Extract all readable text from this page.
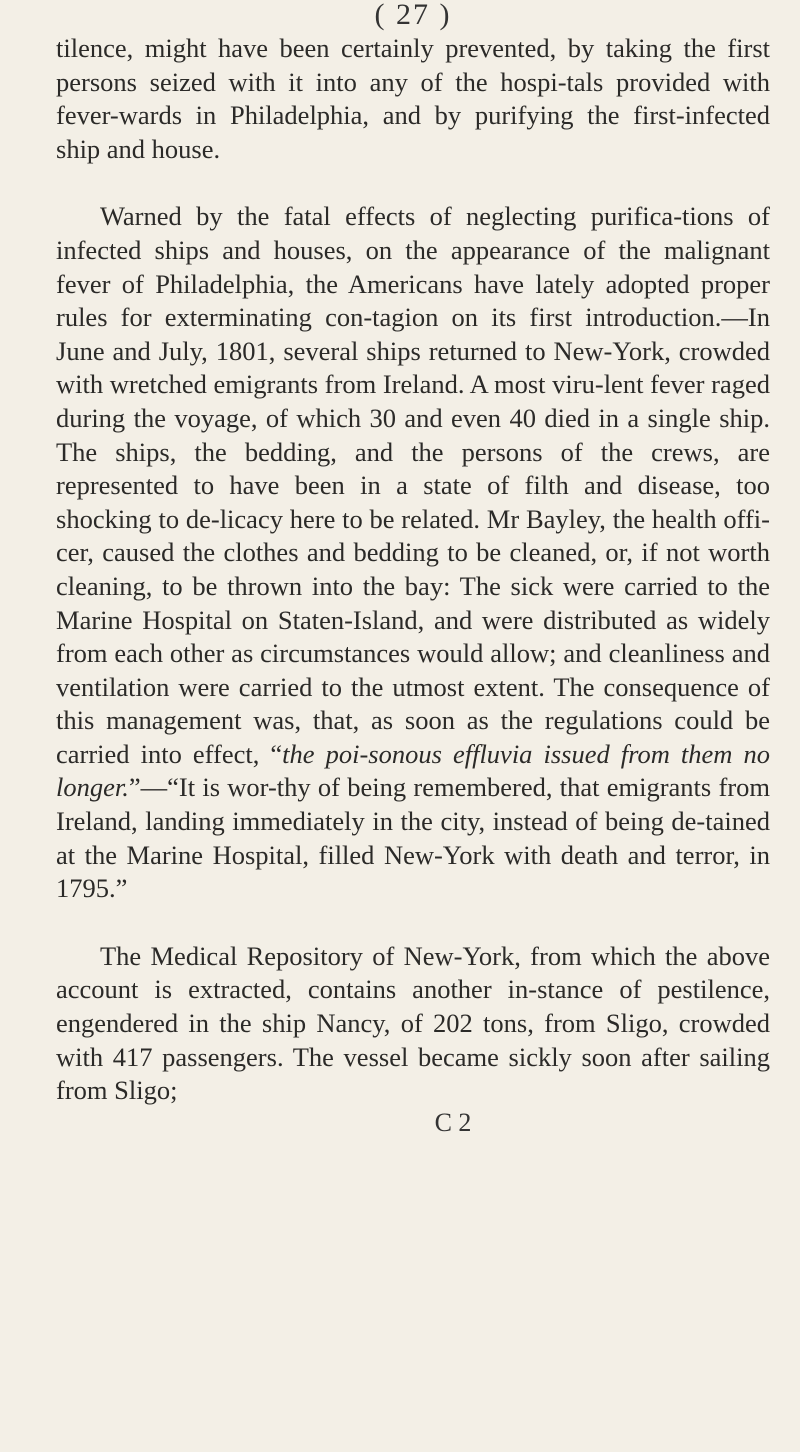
( 27 )

tilence, might have been certainly prevented, by taking the first persons seized with it into any of the hospi-tals provided with fever-wards in Philadelphia, and by purifying the first-infected ship and house.

Warned by the fatal effects of neglecting purifica-tions of infected ships and houses, on the appearance of the malignant fever of Philadelphia, the Americans have lately adopted proper rules for exterminating con-tagion on its first introduction.—In June and July, 1801, several ships returned to New-York, crowded with wretched emigrants from Ireland. A most viru-lent fever raged during the voyage, of which 30 and even 40 died in a single ship. The ships, the bedding, and the persons of the crews, are represented to have been in a state of filth and disease, too shocking to de-licacy here to be related. Mr Bayley, the health offi-cer, caused the clothes and bedding to be cleaned, or, if not worth cleaning, to be thrown into the bay: The sick were carried to the Marine Hospital on Staten-Island, and were distributed as widely from each other as circumstances would allow; and cleanliness and ventilation were carried to the utmost extent. The consequence of this management was, that, as soon as the regulations could be carried into effect, “the poi-sonous effluvia issued from them no longer.”—“It is wor-thy of being remembered, that emigrants from Ireland, landing immediately in the city, instead of being de-tained at the Marine Hospital, filled New-York with death and terror, in 1795.”

The Medical Repository of New-York, from which the above account is extracted, contains another in-stance of pestilence, engendered in the ship Nancy, of 202 tons, from Sligo, crowded with 417 passengers. The vessel became sickly soon after sailing from Sligo;

C 2
